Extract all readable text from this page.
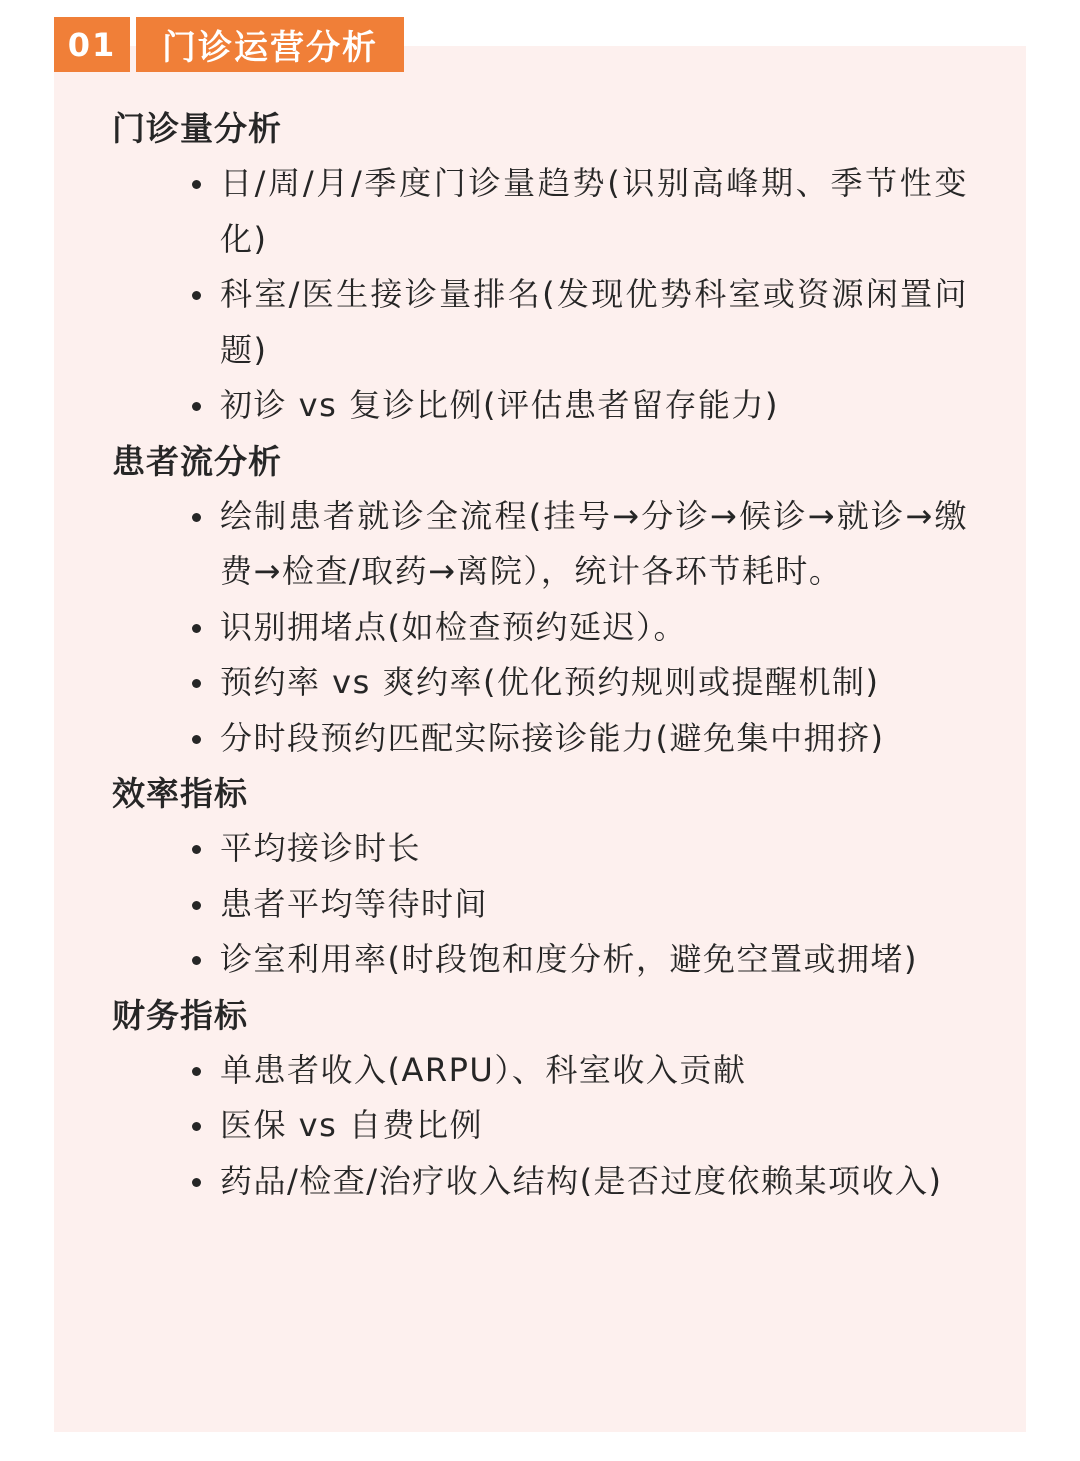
01	门诊运营分析
门诊量分析
日/周/月/季度门诊量趋势(识别高峰期、季节性变化)
科室/医生接诊量排名(发现优势科室或资源闲置问题)
初诊 vs 复诊比例(评估患者留存能力)
患者流分析
绘制患者就诊全流程(挂号→分诊→候诊→就诊→缴费→检查/取药→离院），统计各环节耗时。
识别拥堵点(如检查预约延迟）。
预约率 vs 爽约率(优化预约规则或提醒机制)
分时段预约匹配实际接诊能力(避免集中拥挤)
效率指标
平均接诊时长
患者平均等待时间
诊室利用率(时段饱和度分析，避免空置或拥堵)
财务指标
单患者收入(ARPU）、科室收入贡献
医保 vs 自费比例
药品/检查/治疗收入结构(是否过度依赖某项收入)
